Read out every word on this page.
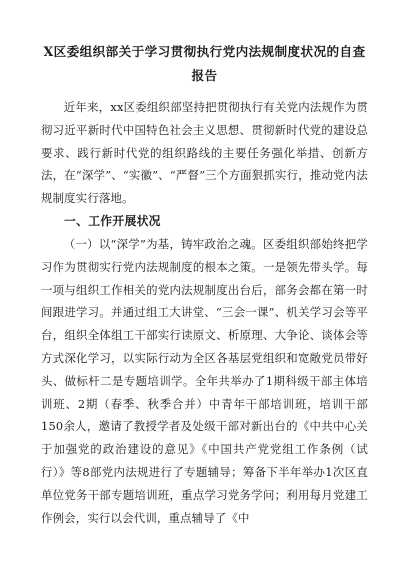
X区委组织部关于学习贯彻执行党内法规制度状况的自查报告

近年来，xx区委组织部坚持把贯彻执行有关党内法规作为贯彻习近平新时代中国特色社会主义思想、贯彻新时代党的建设总要求、践行新时代党的组织路线的主要任务强化举措、创新方法，在“深学”、“实徽”、“严督”三个方面狠抓实行，推动党内法规制度实行落地。

一、工作开展状况

（一）以“深学”为基，铸牢政治之魂。区委组织部始终把学习作为贯彻实行党内法规制度的根本之策。一是领先带头学。每一项与组织工作相关的党内法规制度出台后，部务会都在第一时间跟进学习。并通过组工大讲堂、“三会一课”、机关学习会等平台，组织全体组工干部实行读原文、析原理、大争论、谈体会等方式深化学习，以实际行动为全区各基层党组织和宽敞党员带好头、做标杆二是专题培训学。全年共举办了1期科级干部主体培训班、2期（春季、秋季合并）中青年干部培训班，培训干部150余人，邀请了教授学者及处级干部对新出台的《中共中心关于加强党的政治建设的意见》《中国共产党党组工作条例（试行）》等8部党内法规进行了专题辅导；筹备下半年举办1次区直单位党务干部专题培训班，重点学习党务学问；利用每月党建工作例会，实行以会代训，重点辅导了《中
